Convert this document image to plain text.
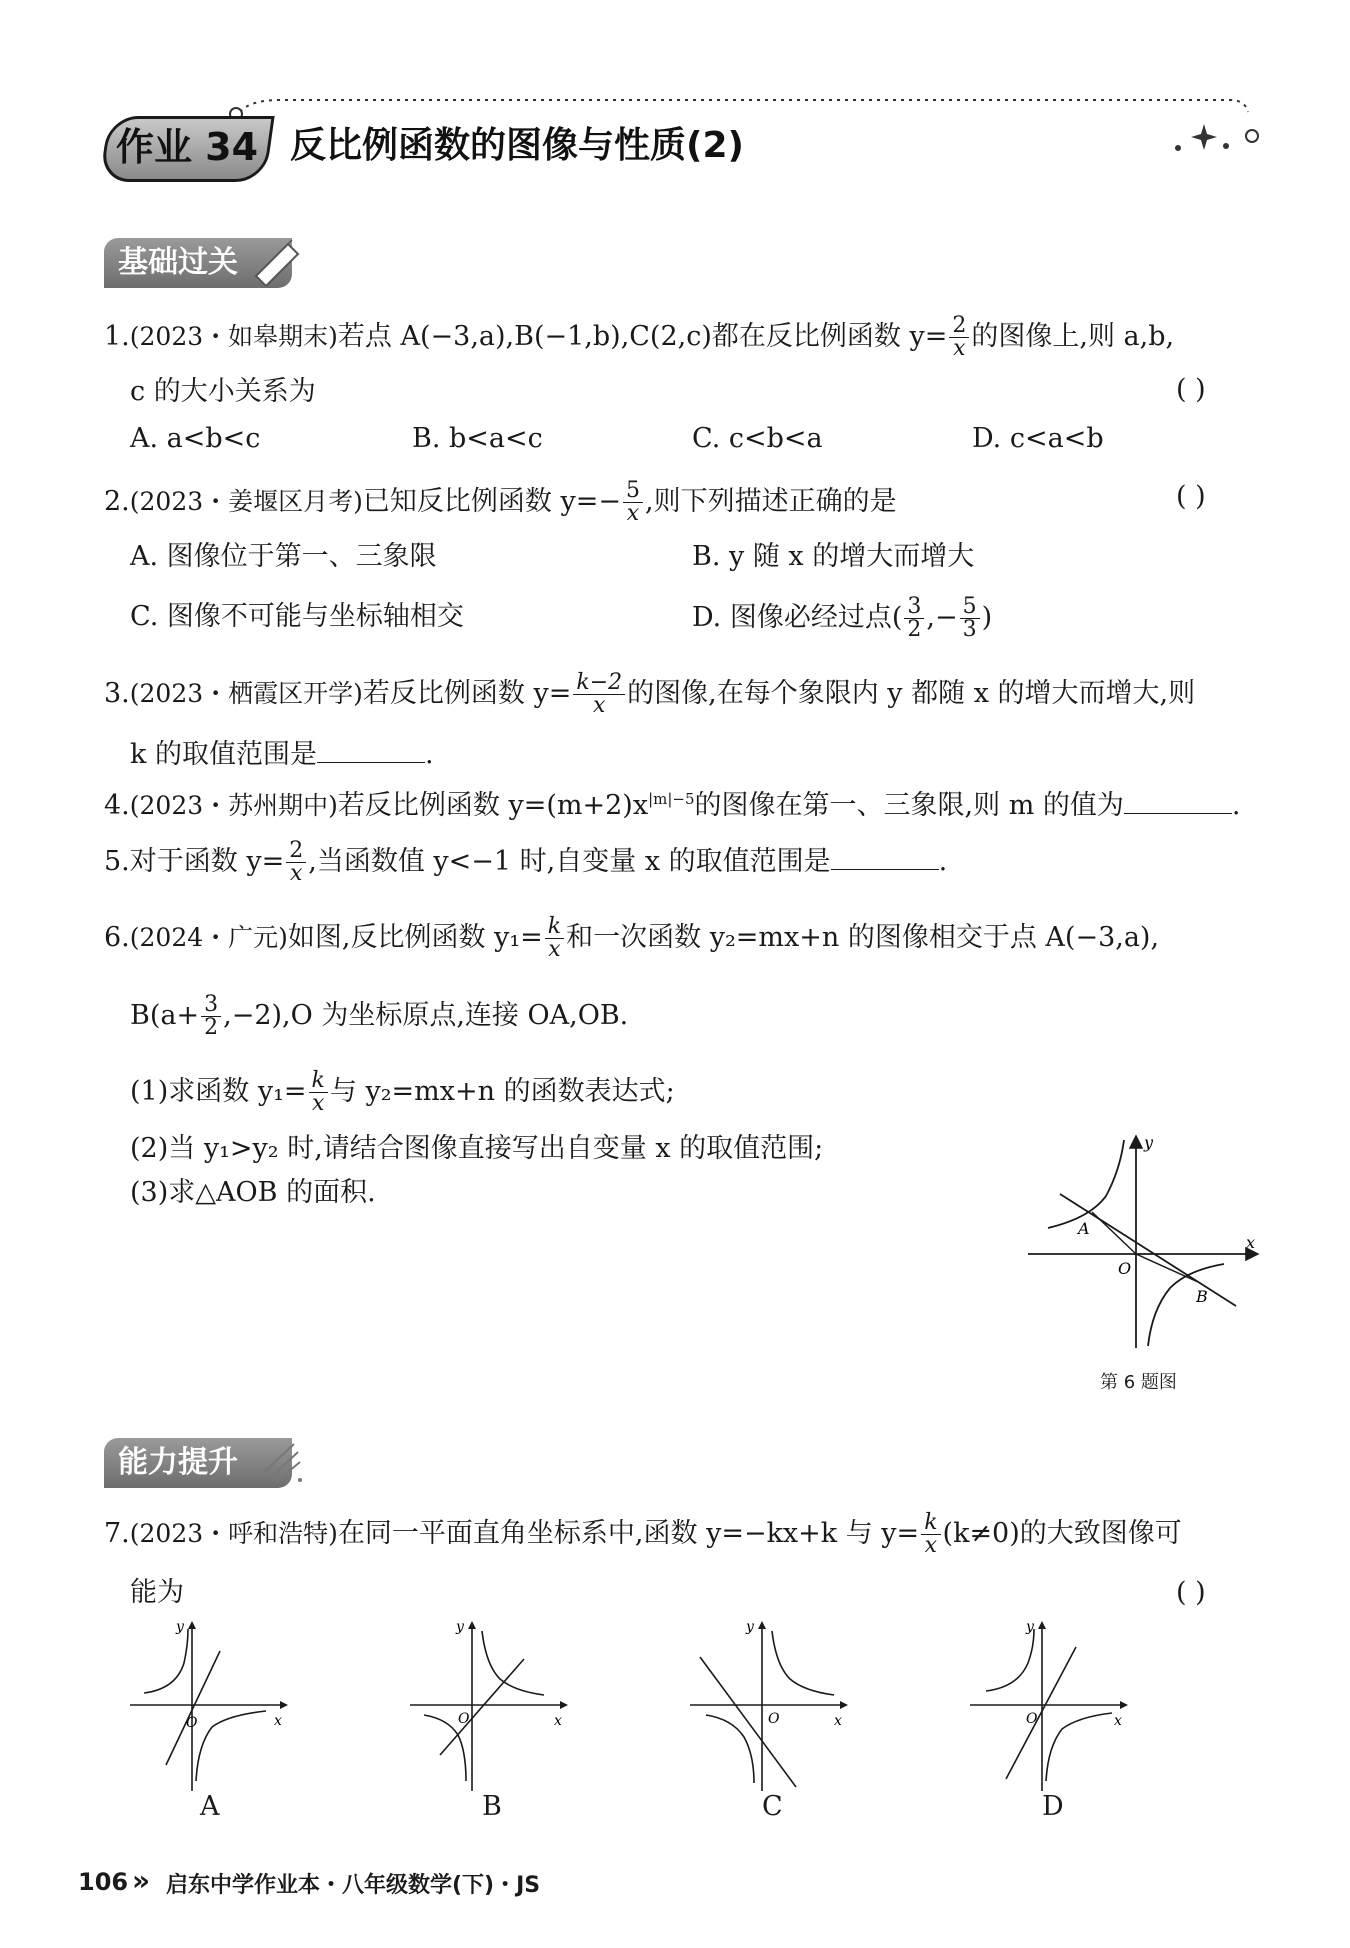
作业 34 反比例函数的图像与性质(2)
基础过关
1.(2023・如皋期末)若点 A(−3,a),B(−1,b),C(2,c)都在反比例函数 $y= \frac{2}{x}$ 的图像上,则 a,b,
c 的大小关系为	( )
A. a<b<c	B. b<a<c	C. c<b<a	D. c<a<b
2.(2023・姜堰区月考)已知反比例函数 $y=- \frac{5}{x}$ ,则下列描述正确的是	( )
A. 图像位于第一、三象限	B. y 随 x 的增大而增大
C. 图像不可能与坐标轴相交	D. 图像必经过点( $\frac{3}{2}$ ,− $\frac{5}{3}$ )
3.(2023・栖霞区开学)若反比例函数 $y= \frac{k-2}{x}$ 的图像,在每个象限内 y 都随 x 的增大而增大,则
k 的取值范围是	.
4.(2023・苏州期中)若反比例函数 $y=(m+2)x^{|m|-5}$的图像在第一、三象限,则 m 的值为	.
5.对于函数 $y= \frac{2}{x}$ ,当函数值 y<−1 时,自变量 x 的取值范围是	.
6.(2024・广元)如图,反比例函数 $y_1= \frac{k}{x}$ 和一次函数 y₂=mx+n 的图像相交于点 A(−3,a),
$B(a+ \frac{3}{2} ,-2),O$ 为坐标原点,连接 OA,OB.
(1)求函数 $y_1= \frac{k}{x}$ 与 y₂=mx+n 的函数表达式;
(2)当 y₁>y₂ 时,请结合图像直接写出自变量 x 的取值范围;
(3)求△AOB 的面积.
y
x
O
A
B
第 6 题图
能力提升
7.(2023・呼和浩特)在同一平面直角坐标系中,函数 y=−kx+k 与 $y= \frac{k}{x} (k\ne 0)$的大致图像可
能为	( )
y
x
O
y
x
O
y
x
O
y
x
O
A	B	C	D
106 » 启东中学作业本・八年级数学(下)・JS
